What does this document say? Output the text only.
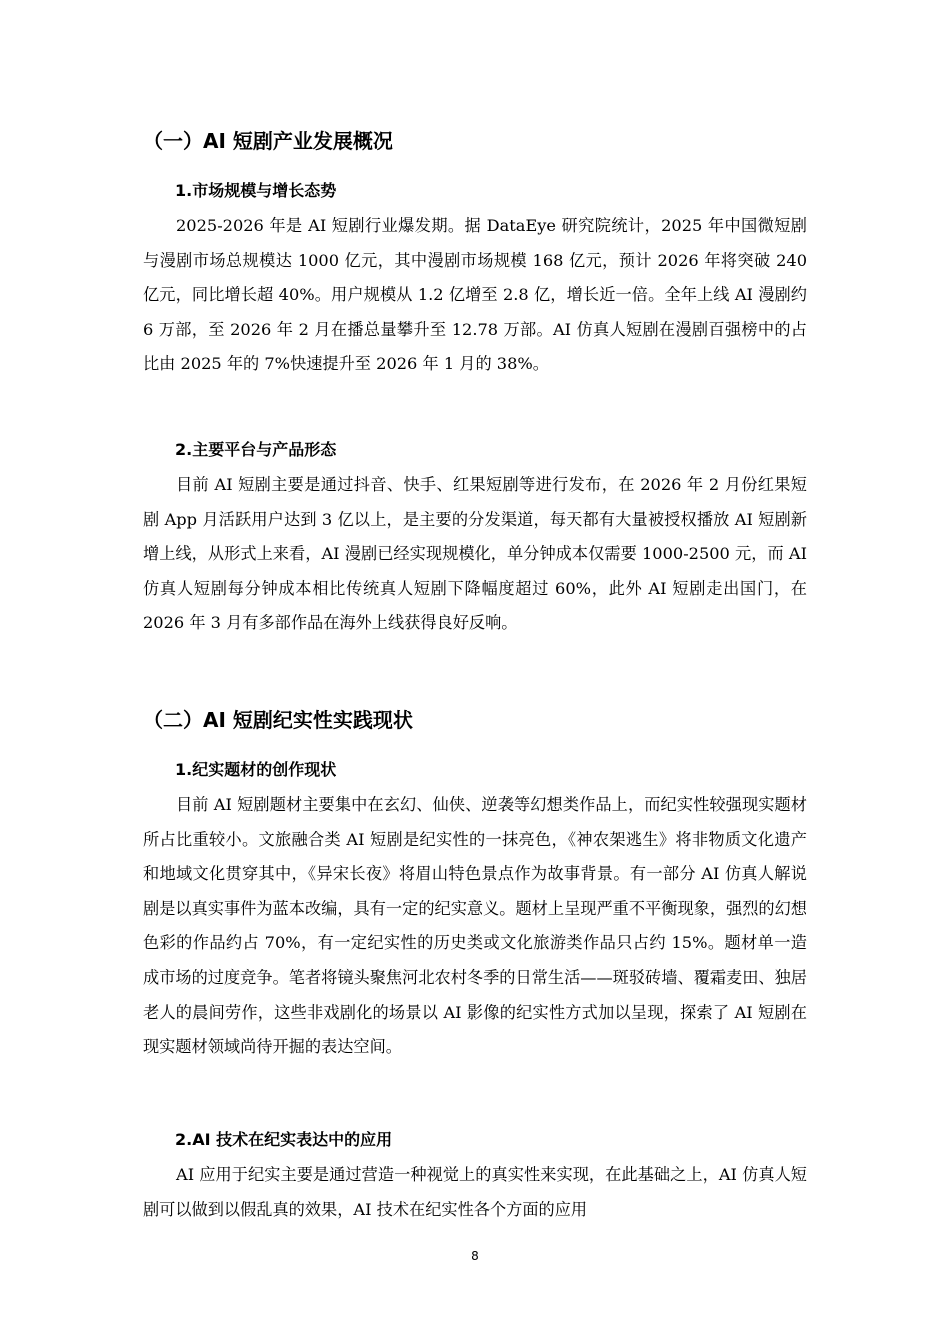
（一）AI 短剧产业发展概况
1.市场规模与增长态势

2025-2026 年是 AI 短剧行业爆发期。据 DataEye 研究院统计，2025 年中国微短剧与漫剧市场总规模达 1000 亿元，其中漫剧市场规模 168 亿元，预计 2026 年将突破 240 亿元，同比增长超 40%。用户规模从 1.2 亿增至 2.8 亿，增长近一倍。全年上线 AI 漫剧约 6 万部，至 2026 年 2 月在播总量攀升至 12.78 万部。AI 仿真人短剧在漫剧百强榜中的占比由 2025 年的 7%快速提升至 2026 年 1 月的 38%。

2.主要平台与产品形态

目前 AI 短剧主要是通过抖音、快手、红果短剧等进行发布，在 2026 年 2 月份红果短剧 App 月活跃用户达到 3 亿以上，是主要的分发渠道，每天都有大量被授权播放 AI 短剧新增上线，从形式上来看，AI 漫剧已经实现规模化，单分钟成本仅需要 1000-2500 元，而 AI 仿真人短剧每分钟成本相比传统真人短剧下降幅度超过 60%，此外 AI 短剧走出国门，在 2026 年 3 月有多部作品在海外上线获得良好反响。

（二）AI 短剧纪实性实践现状
1.纪实题材的创作现状

目前 AI 短剧题材主要集中在玄幻、仙侠、逆袭等幻想类作品上，而纪实性较强现实题材所占比重较小。文旅融合类 AI 短剧是纪实性的一抹亮色，《神农架逃生》将非物质文化遗产和地域文化贯穿其中，《异宋长夜》将眉山特色景点作为故事背景。有一部分 AI 仿真人解说剧是以真实事件为蓝本改编，具有一定的纪实意义。题材上呈现严重不平衡现象，强烈的幻想色彩的作品约占 70%，有一定纪实性的历史类或文化旅游类作品只占约 15%。题材单一造成市场的过度竞争。笔者将镜头聚焦河北农村冬季的日常生活——斑驳砖墙、覆霜麦田、独居老人的晨间劳作，这些非戏剧化的场景以 AI 影像的纪实性方式加以呈现，探索了 AI 短剧在现实题材领域尚待开掘的表达空间。

2.AI 技术在纪实表达中的应用

AI 应用于纪实主要是通过营造一种视觉上的真实性来实现，在此基础之上，AI 仿真人短剧可以做到以假乱真的效果，AI 技术在纪实性各个方面的应用

8
